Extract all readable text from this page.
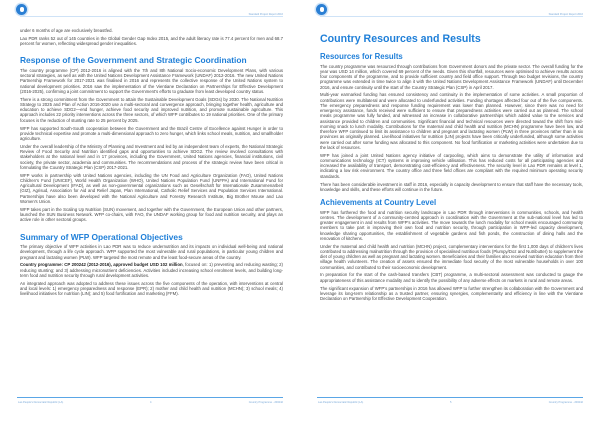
Standard Project Report 2016

under 6 months of age are exclusively breastfed.

Lao PDR ranks 52 out of 145 countries in the Global Gender Gap Index 2015, and the adult literacy rate is 77.4 percent for men and 68.7 percent for women, reflecting widespread gender inequalities.

Response of the Government and Strategic Coordination

The country programme (CP) 2012-2016 is aligned with the 7th and 8th National Socio-economic Development Plans, with various sectoral strategies, as well as with the United Nations Development Assistance Framework (UNDAF) 2012-2016. The new United Nations Partnership Framework for 2017-2021 was finalised in 2016 and represents the collective response of the United Nations system to national development priorities. 2016 saw the implementation of the Vientiane Declaration on Partnerships for Effective Development (2016-2025), confirming a joint commitment to support the Government's efforts to graduate from least developed country status.

There is a strong commitment from the Government to attain the Sustainable Development Goals (SDGs) by 2030. The National Nutrition Strategy to 2025 and Plan of Action 2016-2020 use a multi-sectoral and convergence approach, bringing together health, agriculture and education to achieve SDG2—end hunger, achieve food security and improved nutrition, and promote sustainable agriculture. This approach includes 22 priority interventions across the three sectors, of which WFP contributes to 19 national priorities. One of the primary focuses is the reduction of stunting rate to 25 percent by 2025.

WFP has supported South-South cooperation between the Government and the Brazil Centre of Excellence against Hunger in order to provide technical expertise and promote a multi-dimensional approach to zero hunger, which links school meals, nutrition, and smallholder agriculture.

Under the overall leadership of the Ministry of Planning and Investment and led by an independent team of experts, the National Strategic Review of Food Security and Nutrition identified gaps and opportunities to achieve SDG2. The review involved consultations with stakeholders at the national level and in 17 provinces, including the Government, United Nations agencies, financial institutions, civil society, the private sector, academia and communities. The recommendations and process of the strategic review have been critical in formulating the Country Strategic Plan (CSP) 2017-2021.

WFP works in partnership with United Nations agencies, including the UN Food and Agriculture Organization (FAO), United Nations Children's Fund (UNICEF), World Health Organization (WHO), United Nations Population Fund (UNFPA) and International Fund for Agricultural Development (IFAD), as well as non-governmental organizations such as Gesellschaft für Internationale Zusammenarbeit (GIZ), Agrisud, Association for Aid and Relief Japan, Plan International, Catholic Relief Services and Population Services International. Partnerships have also been developed with the National Agriculture and Forestry Research Institute, Big Brother Mouse and Lao Women's Union.

WFP takes part in the Scaling Up Nutrition (SUN) movement, and together with the Government, the European Union and other partners, launched the SUN Business Network. WFP co-chairs, with FAO, the UNDAF working group for food and nutrition security, and plays an active role in other sectoral groups.

Summary of WFP Operational Objectives

The primary objective of WFP activities in Lao PDR was to reduce undernutrition and its impacts on individual well-being and national development, through a life cycle approach. WFP supported the most vulnerable and rural populations, in particular young children and pregnant and lactating women (PLW). WFP targeted the most remote and the least food-secure areas of the country.

Country programme: CP 200242 (2012-2016), approved budget USD 102 million, focused on: 1) preventing and reducing wasting; 2) reducing stunting; and 3) addressing micronutrient deficiencies. Activities included increasing school enrolment levels, and building long-term food and nutrition security through rural development activities.

An integrated approach was adopted to address these issues across the five components of the operation, with interventions at central and local levels: 1) emergency preparedness and response (EPR); 2) mother and child health and nutrition (MCHN); 3) school meals; 4) livelihood initiatives for nutrition (LIN); and 5) food fortification and marketing (FFM).

Lao People's Democratic Republic (LA)	4	Country Programme - 200242
Standard Project Report 2016
Country Resources and Results
Resources for Results

The country programme was resourced through contributions from Government donors and the private sector. The overall funding for the year was USD 14 million, which covered 69 percent of the needs. Given this shortfall, resources were optimised to achieve results across four components of the programme, and to provide sufficient country and field office support. Through two budget revisions, the country programme was extended in time twice to align it with the United Nations Development Assistance Framework (UNDAF) until December 2016, and ensure continuity until the start of the Country Strategic Plan (CSP) in April 2017.

Multi-year earmarked funding has ensured consistency and continuity in the implementation of some activities. A small proportion of contributions were multilateral and were allocated to underfunded activities. Funding shortages affected four out of the five components. The emergency preparedness and response funding requirement was lower than planned. However, since there was no need for emergency assistance, funds received were sufficient to ensure that preparedness activities were carried out as planned. The school meals programme was fully funded, and witnessed an increase in collaborative partnerships which added value to the services and assistance provided to children and communities. Significant financial and technical resources were directed toward the shift from mid-morning snack to lunch modality. Contributions for the maternal and child health and nutrition (MCHN) programme have been low, and therefore WFP continued to limit its assistance to children and pregnant and lactating women (PLW) in three provinces rather than in six provinces as originally planned. Livelihood initiatives for nutrition (LIN) projects have been critically underfunded, although some activities were carried out after some funding was allocated to this component. No food fortification or marketing activities were undertaken due to the lack of resources.

WFP has joined a joint United Nations agency initiative of carpooling, which aims to demonstrate the utility of information and communications technology (ICT) systems in improving vehicle utilisation. This has reduced costs for all participating agencies and increased the availability of transport, demonstrating cost-efficiency and effectiveness. The security level in Lao PDR remains at level 1, indicating a low risk environment. The country office and three field offices are compliant with the required minimum operating security standards.

There has been considerable investment in staff in 2016, especially in capacity development to ensure that staff have the necessary tools, knowledge and skills, and these efforts will continue in the future.

Achievements at Country Level

WFP has furthered the food and nutrition security landscape in Lao PDR through interventions in communities, schools, and health centres. The development of a community-centred approach in coordination with the Government at the sub-national level has led to greater engagement in and results from WFP's activities. The move towards the lunch modality for school meals encouraged community members to take part in improving their own food and nutrition security, through participation in WFP-led capacity development, knowledge sharing opportunities, the establishment of vegetable gardens and fish ponds, the construction of dining halls and the renovation of kitchens.

Under the maternal and child health and nutrition (MCHN) project, complementary interventions for the first 1,000 days of children's lives contributed to addressing malnutrition through the provision of specialised nutritious foods (Plumpy/Doz and Nutributter) to supplement the diet of young children as well as pregnant and lactating women. Beneficiaries and their families also received nutrition education from their village health volunteers. The creation of assets ensured the immediate food security of the most vulnerable households in over 100 communities, and contributed to their socioeconomic development.

In preparation for the start of the cash-based transfers (CBT) programme, a multi-sectoral assessment was conducted to gauge the appropriateness of this assistance modality and to identify the possibility of any adverse effects on markets in rural and remote areas.

The significant expansion of WFP's partnerships in 2016 has allowed WFP to further strengthen its collaboration with the Government and leverage its long-term relationship as a trusted partner, ensuring synergies, complementarity and efficiency in line with the Vientiane Declaration on Partnership for Effective Development Cooperation.

Lao People's Democratic Republic (LA)	5	Country Programme - 200242
